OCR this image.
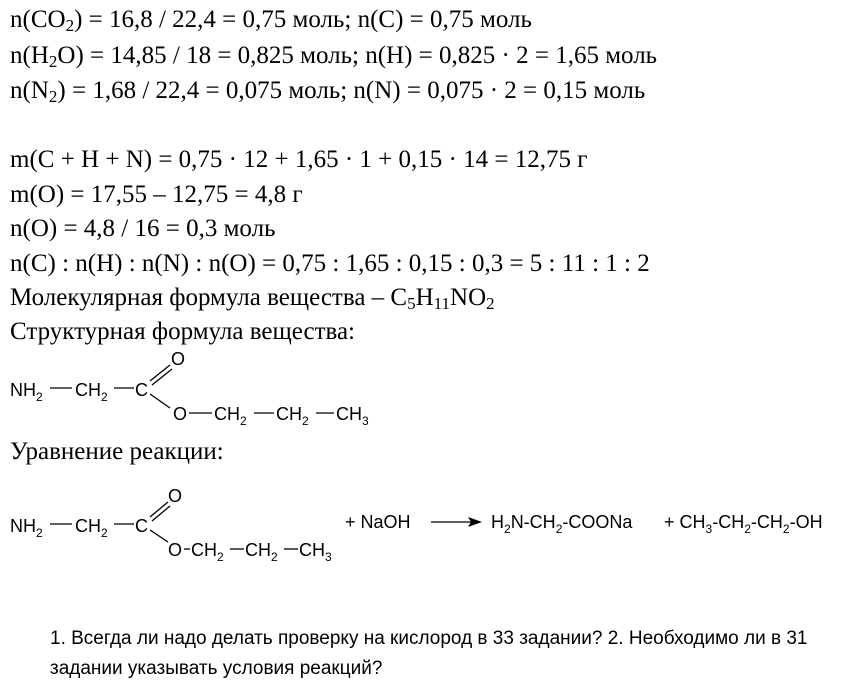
$n(CO_2) = 16,8 / 22,4 = 0,75$ моль; n(C) = 0,75 моль
$n(H_2O) = 14,85 / 18 = 0,825$ моль; n(H) = 0,825 · 2 = 1,65 моль
$n(N_2) = 1,68 / 22,4 = 0,075$ моль; n(N) = 0,075 · 2 = 0,15 моль
m(C + H + N) = 0,75 · 12 + 1,65 · 1 + 0,15 · 14 = 12,75 г
m(O) = 17,55 – 12,75 = 4,8 г
n(O) = 4,8 / 16 = 0,3 моль
n(C) : n(H) : n(N) : n(O) = 0,75 : 1,65 : 0,15 : 0,3 = 5 : 11 : 1 : 2
Молекулярная формула вещества – $C_5H_{11}NO_2$
Структурная формула вещества:
$NH_2$ $CH_2$ C
O
O $CH_2$ $CH_2$ $CH_3$
Уравнение реакции:
$NH_2$ $CH_2$ C
O
O $CH_2$ $CH_2$ $CH_3$
+ NaOH	$H_2N-CH_2$-COONa + $CH_3-CH_2-CH_2-OH$
1. Всегда ли надо делать проверку на кислород в 33 задании? 2. Необходимо ли в 31 задании указывать условия реакций?
